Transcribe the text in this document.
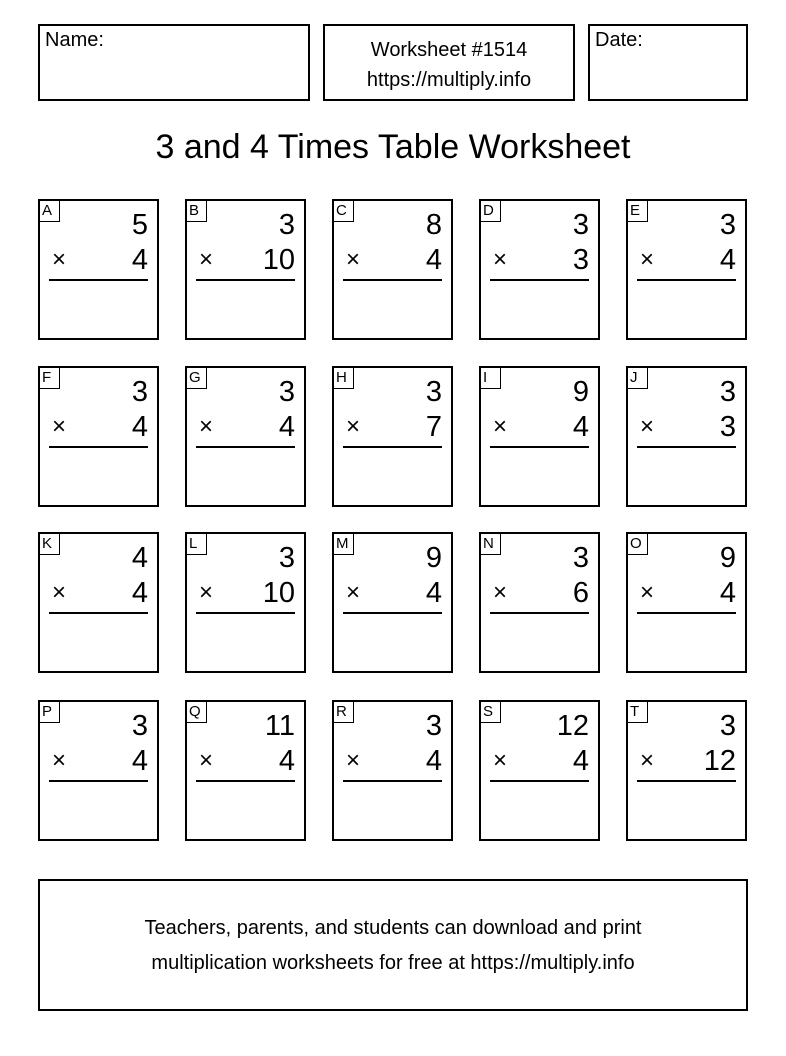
Name:	Worksheet #1514
https://multiply.info
Date:
3 and 4 Times Table Worksheet
A	5
× 4
B	3
× 10
C	8
× 4
D	3
× 3
E	3
× 4
F	3
× 4
G	3
× 4
H	3
× 7
I	9
× 4
J	3
× 3
K	4
× 4
L	3
× 10
M	9
× 4
N	3
× 6
O	9
× 4
P	3
× 4
Q 11
× 4
R	3
× 4
S 12
× 4
T	3
× 12
Teachers, parents, and students can download and print
multiplication worksheets for free at https://multiply.info
